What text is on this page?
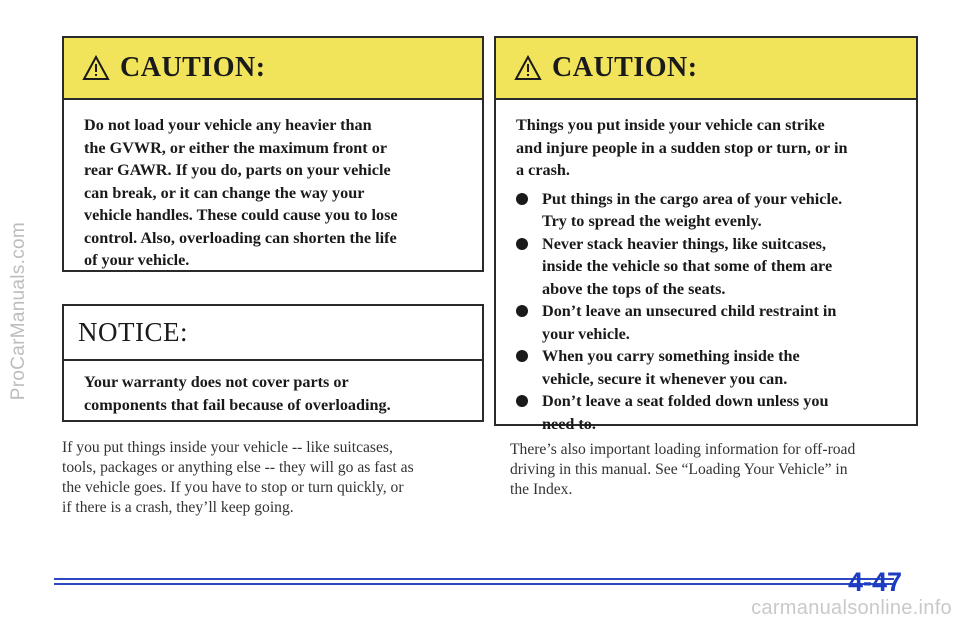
ProCarManuals.com
CAUTION:
Do not load your vehicle any heavier than
the GVWR, or either the maximum front or
rear GAWR. If you do, parts on your vehicle
can break, or it can change the way your
vehicle handles. These could cause you to lose
control. Also, overloading can shorten the life
of your vehicle.
NOTICE:
Your warranty does not cover parts or
components that fail because of overloading.
If you put things inside your vehicle -- like suitcases,
tools, packages or anything else -- they will go as fast as
the vehicle goes. If you have to stop or turn quickly, or
if there is a crash, they’ll keep going.
CAUTION:
Things you put inside your vehicle can strike
and injure people in a sudden stop or turn, or in
a crash.
Put things in the cargo area of your vehicle.
Try to spread the weight evenly.
Never stack heavier things, like suitcases,
inside the vehicle so that some of them are
above the tops of the seats.
Don’t leave an unsecured child restraint in
your vehicle.
When you carry something inside the
vehicle, secure it whenever you can.
Don’t leave a seat folded down unless you
need to.
There’s also important loading information for off-road
driving in this manual. See “Loading Your Vehicle” in
the Index.
4-47
carmanualsonline.info
